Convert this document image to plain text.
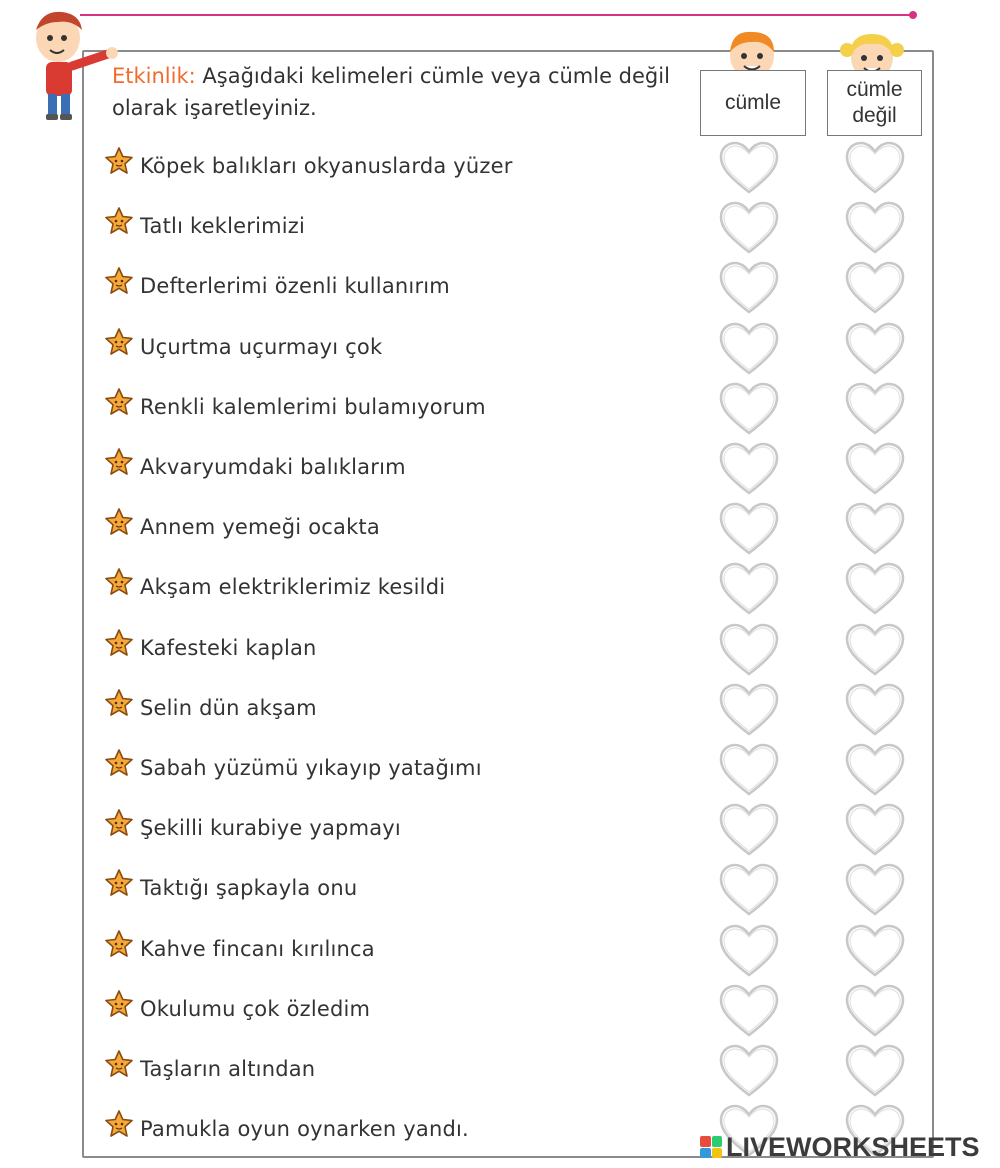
Etkinlik: Aşağıdaki kelimeleri cümle veya cümle değil olarak işaretleyiniz.	cümle
cümle
değil
Köpek balıkları okyanuslarda yüzer
Tatlı keklerimizi
Defterlerimi özenli kullanırım
Uçurtma uçurmayı çok
Renkli kalemlerimi bulamıyorum
Akvaryumdaki balıklarım
Annem yemeği ocakta
Akşam elektriklerimiz kesildi
Kafesteki kaplan
Selin dün akşam
Sabah yüzümü yıkayıp yatağımı
Şekilli kurabiye yapmayı
Taktığı şapkayla onu
Kahve fincanı kırılınca
Okulumu çok özledim
Taşların altından
Pamukla oyun oynarken yandı.
LIVEWORKSHEETS
